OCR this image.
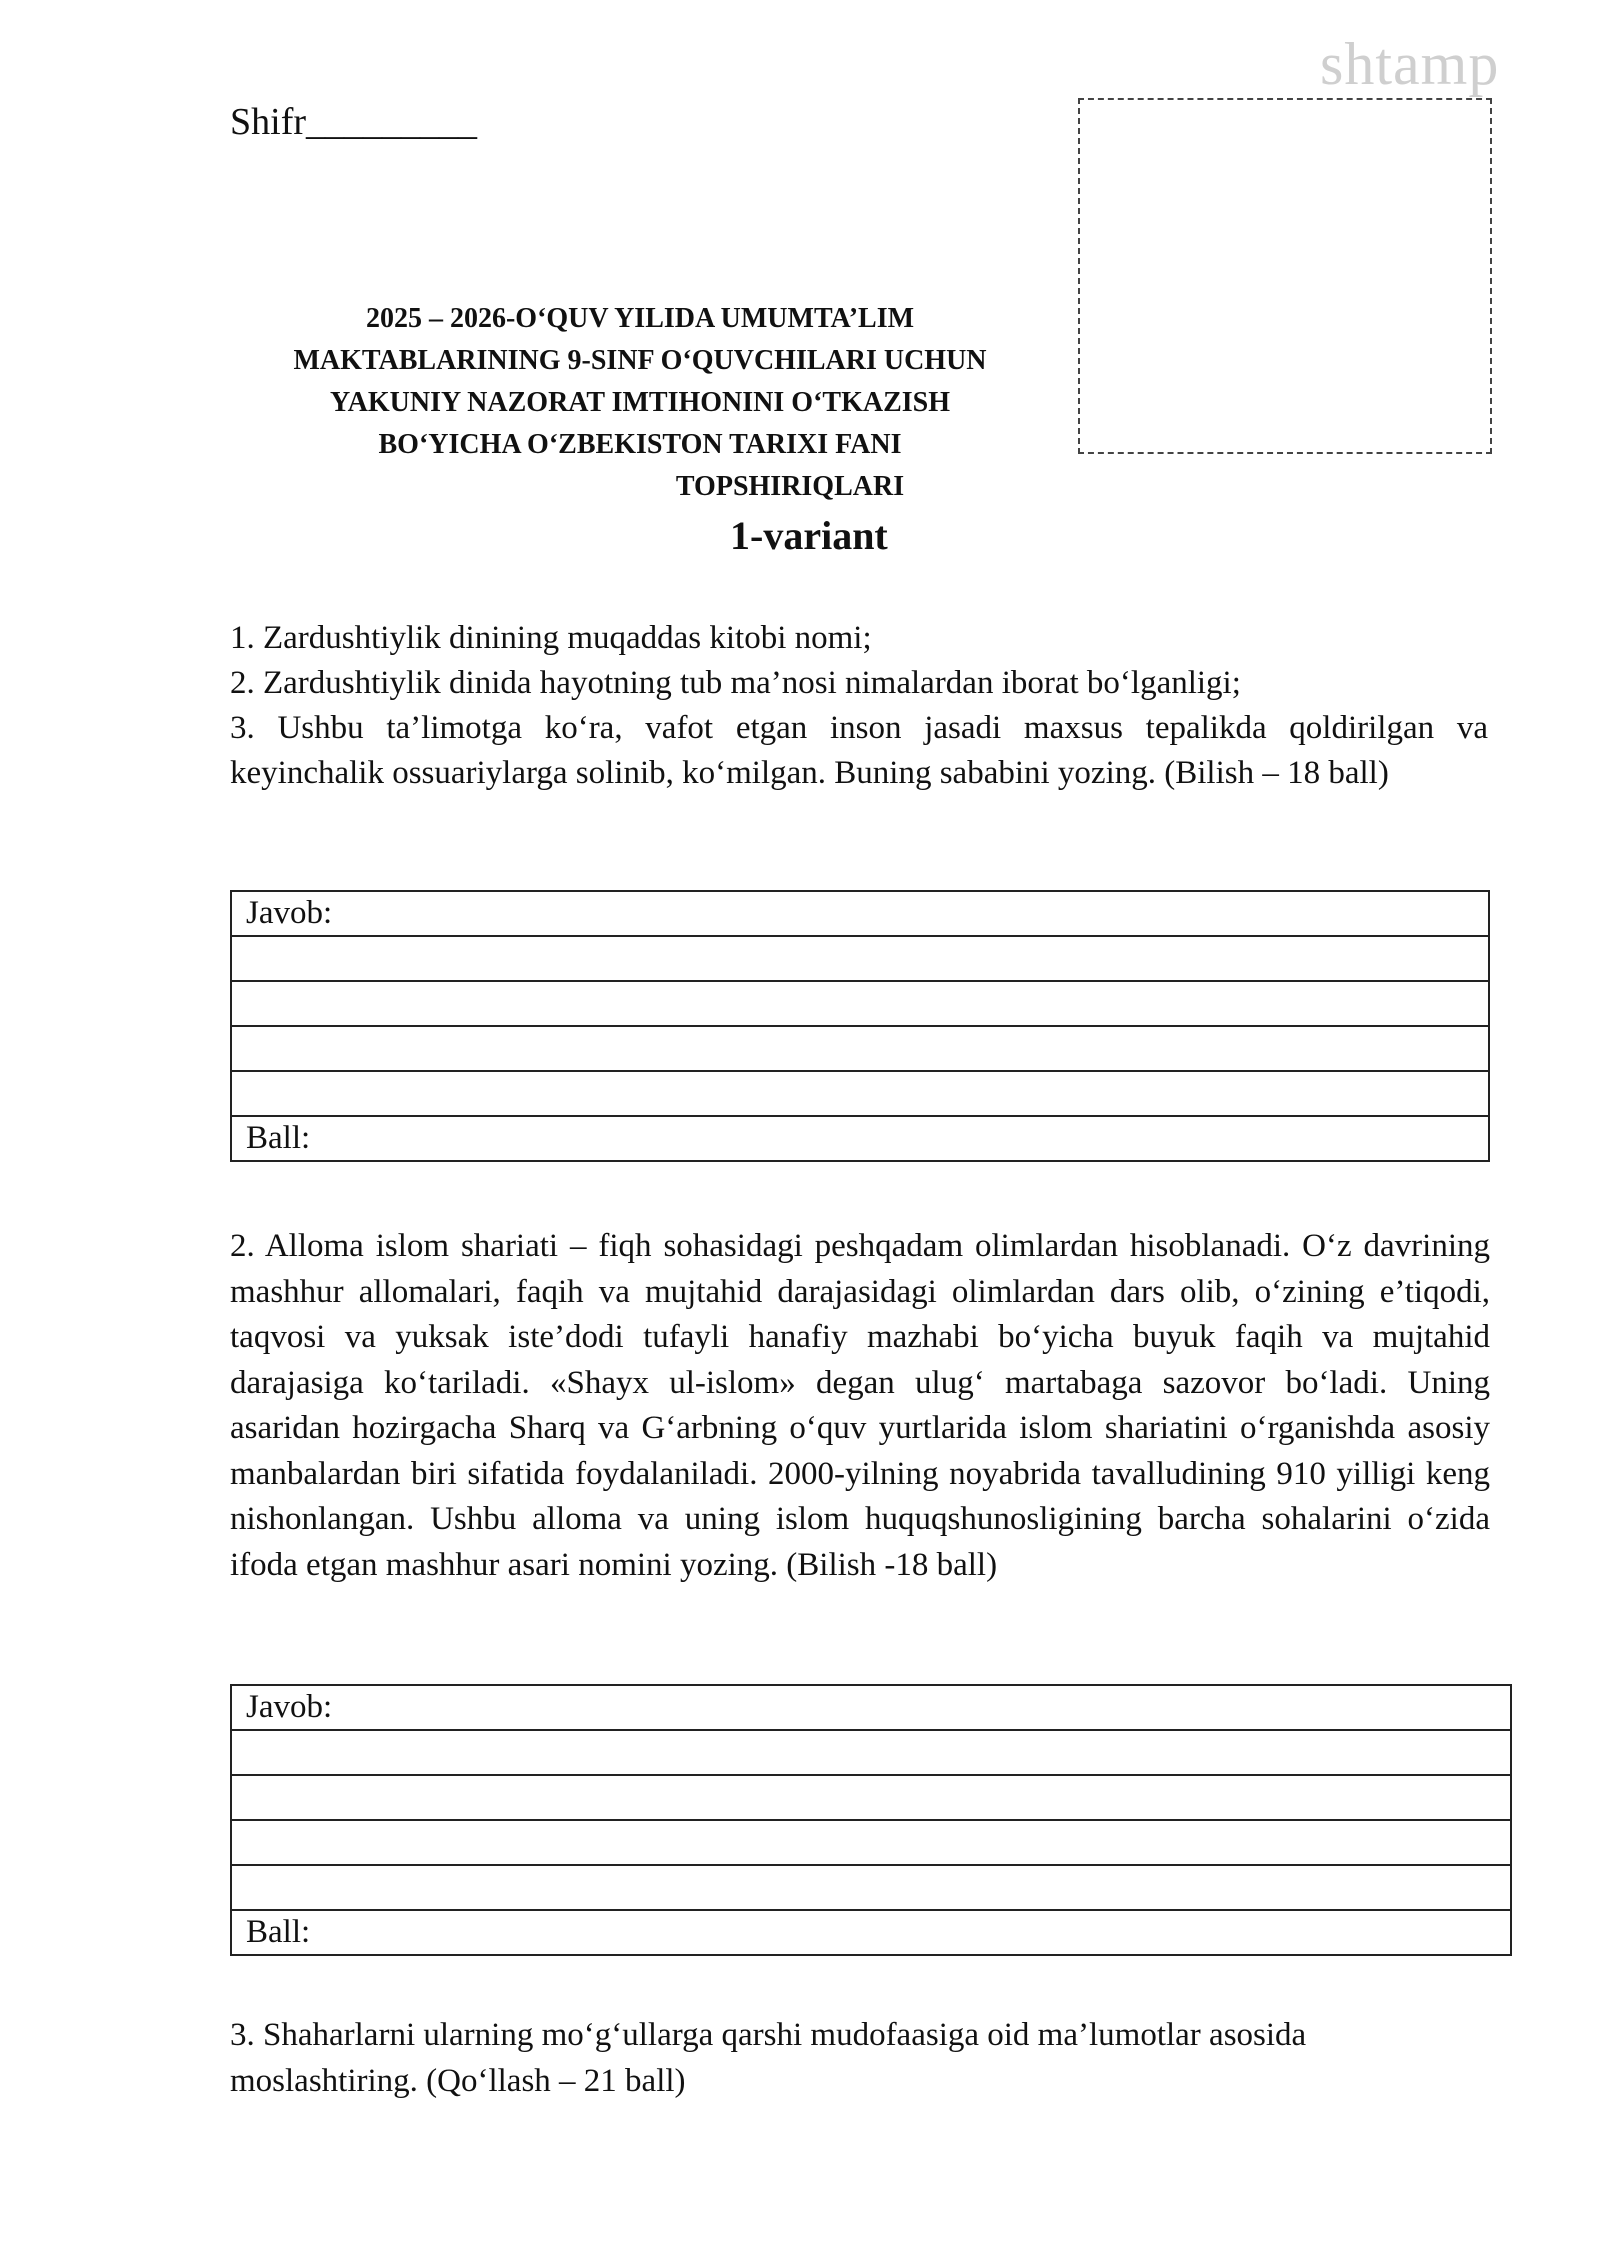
shtamp
Shifr_________
2025 – 2026-O‘QUV YILIDA UMUMTA’LIM
MAKTABLARINING 9-SINF O‘QUVCHILARI UCHUN
YAKUNIY NAZORAT IMTIHONINI O‘TKAZISH
BO‘YICHA O‘ZBEKISTON TARIXI FANI
TOPSHIRIQLARI
1-variant

1. Zardushtiylik dinining muqaddas kitobi nomi;

2. Zardushtiylik dinida hayotning tub ma’nosi nimalardan iborat bo‘lganligi;

3. Ushbu ta’limotga ko‘ra, vafot etgan inson jasadi maxsus tepalikda qoldirilgan va keyinchalik ossuariylarga solinib, ko‘milgan. Buning sababini yozing. (Bilish – 18 ball)

Javob:

Ball:

2. Alloma islom shariati – fiqh sohasidagi peshqadam olimlardan hisoblanadi. O‘z davrining mashhur allomalari, faqih va mujtahid darajasidagi olimlardan dars olib, o‘zining e’tiqodi, taqvosi va yuksak iste’dodi tufayli hanafiy mazhabi bo‘yicha buyuk faqih va mujtahid darajasiga ko‘tariladi. «Shayx ul-islom» degan ulug‘ martabaga sazovor bo‘ladi. Uning asaridan hozirgacha Sharq va G‘arbning o‘quv yurtlarida islom shariatini o‘rganishda asosiy manbalardan biri sifatida foydalaniladi. 2000-yilning noyabrida tavalludining 910 yilligi keng nishonlangan. Ushbu alloma va uning islom huquqshunosligining barcha sohalarini o‘zida ifoda etgan mashhur asari nomini yozing. (Bilish -18 ball)

Javob:

Ball:

3. Shaharlarni ularning mo‘g‘ullarga qarshi mudofaasiga oid ma’lumotlar asosida moslashtiring. (Qo‘llash – 21 ball)
